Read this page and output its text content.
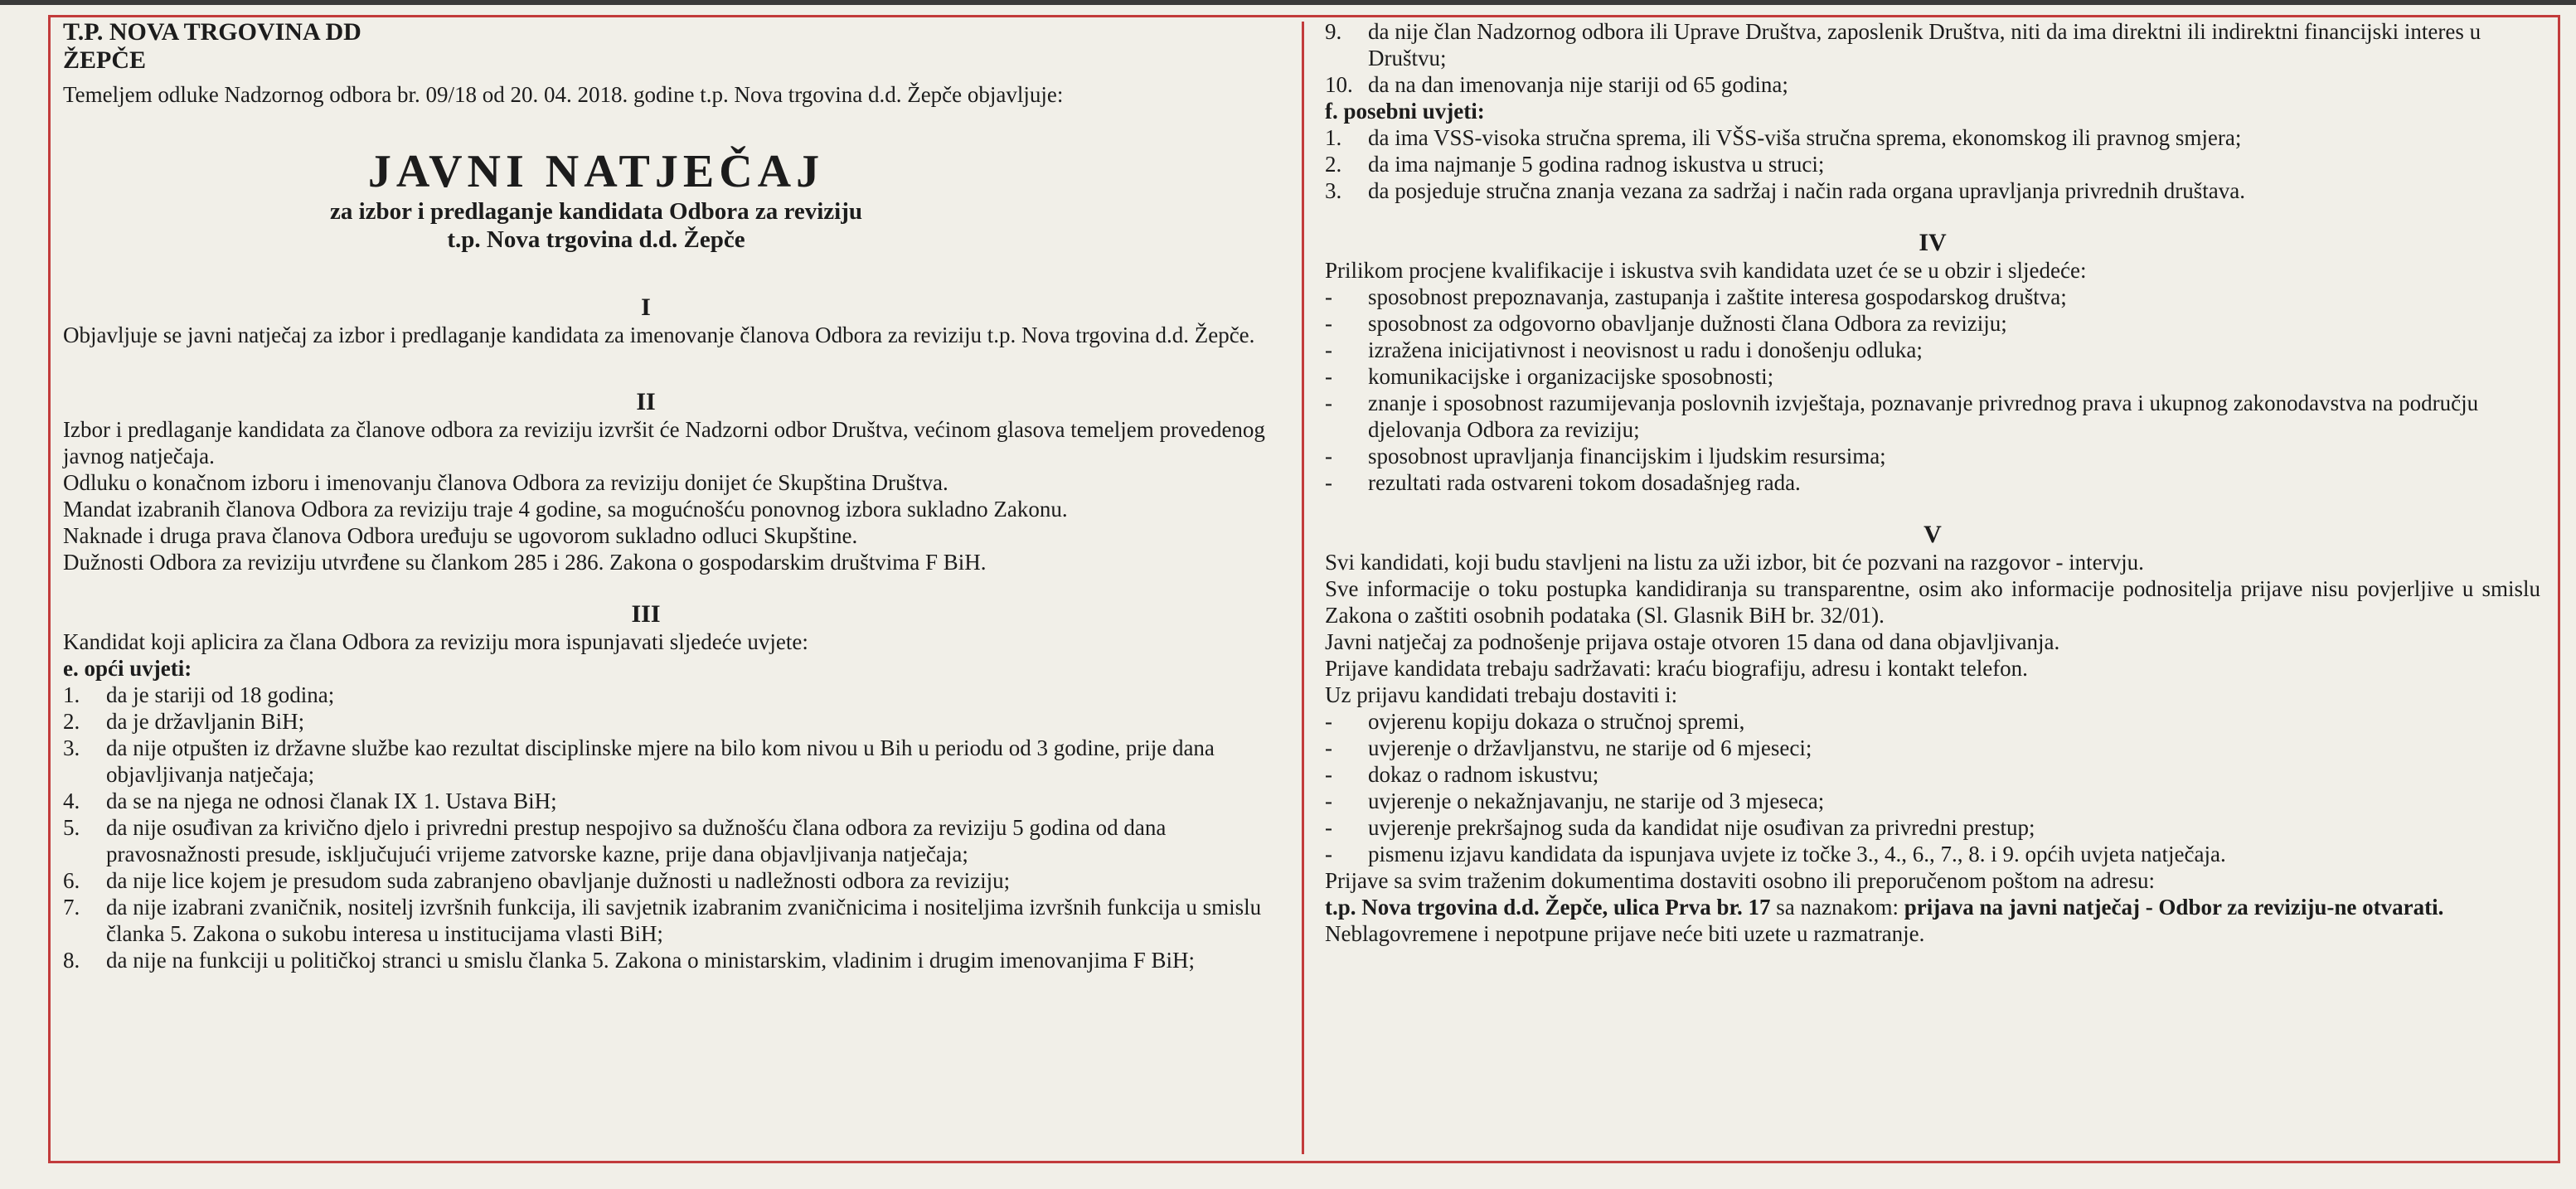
T.P. NOVA TRGOVINA DD

ŽEPČE

Temeljem odluke Nadzornog odbora br. 09/18 od 20. 04. 2018. godine t.p. Nova trgovina d.d. Žepče objavljuje:

JAVNI NATJEČAJ

za izbor i predlaganje kandidata Odbora za reviziju

t.p. Nova trgovina d.d. Žepče

I

Objavljuje se javni natječaj za izbor i predlaganje kandidata za imenovanje članova Odbora za reviziju t.p. Nova trgovina d.d. Žepče.

II

Izbor i predlaganje kandidata za članove odbora za reviziju izvršit će Nadzorni odbor Društva, većinom glasova temeljem provedenog javnog natječaja.

Odluku o konačnom izboru i imenovanju članova Odbora za reviziju donijet će Skupština Društva.

Mandat izabranih članova Odbora za reviziju traje 4 godine, sa mogućnošću ponovnog izbora sukladno Zakonu.

Naknade i druga prava članova Odbora uređuju se ugovorom sukladno odluci Skupštine.

Dužnosti Odbora za reviziju utvrđene su člankom 285 i 286. Zakona o gospodarskim društvima F BiH.

III

Kandidat koji aplicira za člana Odbora za reviziju mora ispunjavati sljedeće uvjete:

e. opći uvjeti:

1.	da je stariji od 18 godina;
2.	da je državljanin BiH;
3.	da nije otpušten iz državne službe kao rezultat disciplinske mjere na bilo kom nivou u Bih u periodu od 3 godine, prije dana objavljivanja natječaja;
4.	da se na njega ne odnosi članak IX 1. Ustava BiH;
5.	da nije osuđivan za krivično djelo i privredni prestup nespojivo sa dužnošću člana odbora za reviziju 5 godina od dana pravosnažnosti presude, isključujući vrijeme zatvorske kazne, prije dana objavljivanja natječaja;
6.	da nije lice kojem je presudom suda zabranjeno obavljanje dužnosti u nadležnosti odbora za reviziju;
7.	da nije izabrani zvaničnik, nositelj izvršnih funkcija, ili savjetnik izabranim zvaničnicima i nositeljima izvršnih funkcija u smislu članka 5. Zakona o sukobu interesa u institucijama vlasti BiH;
8.	da nije na funkciji u političkoj stranci u smislu članka 5. Zakona o ministarskim, vladinim i drugim imenovanjima F BiH;
9.	da nije član Nadzornog odbora ili Uprave Društva, zaposlenik Društva, niti da ima direktni ili indirektni financijski interes u Društvu;
10. da na dan imenovanja nije stariji od 65 godina;

f. posebni uvjeti:

1.	da ima VSS-visoka stručna sprema, ili VŠS-viša stručna sprema, ekonomskog ili pravnog smjera;
2.	da ima najmanje 5 godina radnog iskustva u struci;
3.	da posjeduje stručna znanja vezana za sadržaj i način rada organa upravljanja privrednih društava.

IV

Prilikom procjene kvalifikacije i iskustva svih kandidata uzet će se u obzir i sljedeće:

-	sposobnost prepoznavanja, zastupanja i zaštite interesa gospodarskog društva;
-	sposobnost za odgovorno obavljanje dužnosti člana Odbora za reviziju;
-	izražena inicijativnost i neovisnost u radu i donošenju odluka;
-	komunikacijske i organizacijske sposobnosti;
-	znanje i sposobnost razumijevanja poslovnih izvještaja, poznavanje privrednog prava i ukupnog zakonodavstva na području djelovanja Odbora za reviziju;
-	sposobnost upravljanja financijskim i ljudskim resursima;
-	rezultati rada ostvareni tokom dosadašnjeg rada.

V

Svi kandidati, koji budu stavljeni na listu za uži izbor, bit će pozvani na razgovor - intervju.

Sve informacije o toku postupka kandidiranja su transparentne, osim ako informacije podnositelja prijave nisu povjerljive u smislu Zakona o zaštiti osobnih podataka (Sl. Glasnik BiH br. 32/01).

Javni natječaj za podnošenje prijava ostaje otvoren 15 dana od dana objavljivanja.

Prijave kandidata trebaju sadržavati: kraću biografiju, adresu i kontakt telefon.

Uz prijavu kandidati trebaju dostaviti i:

-	ovjerenu kopiju dokaza o stručnoj spremi,
-	uvjerenje o državljanstvu, ne starije od 6 mjeseci;
-	dokaz o radnom iskustvu;
-	uvjerenje o nekažnjavanju, ne starije od 3 mjeseca;
-	uvjerenje prekršajnog suda da kandidat nije osuđivan za privredni prestup;
-	pismenu izjavu kandidata da ispunjava uvjete iz točke 3., 4., 6., 7., 8. i 9. općih uvjeta natječaja.

Prijave sa svim traženim dokumentima dostaviti osobno ili preporučenom poštom na adresu:

t.p. Nova trgovina d.d. Žepče, ulica Prva br. 17 sa naznakom: prijava na javni natječaj - Odbor za reviziju-ne otvarati.

Neblagovremene i nepotpune prijave neće biti uzete u razmatranje.
